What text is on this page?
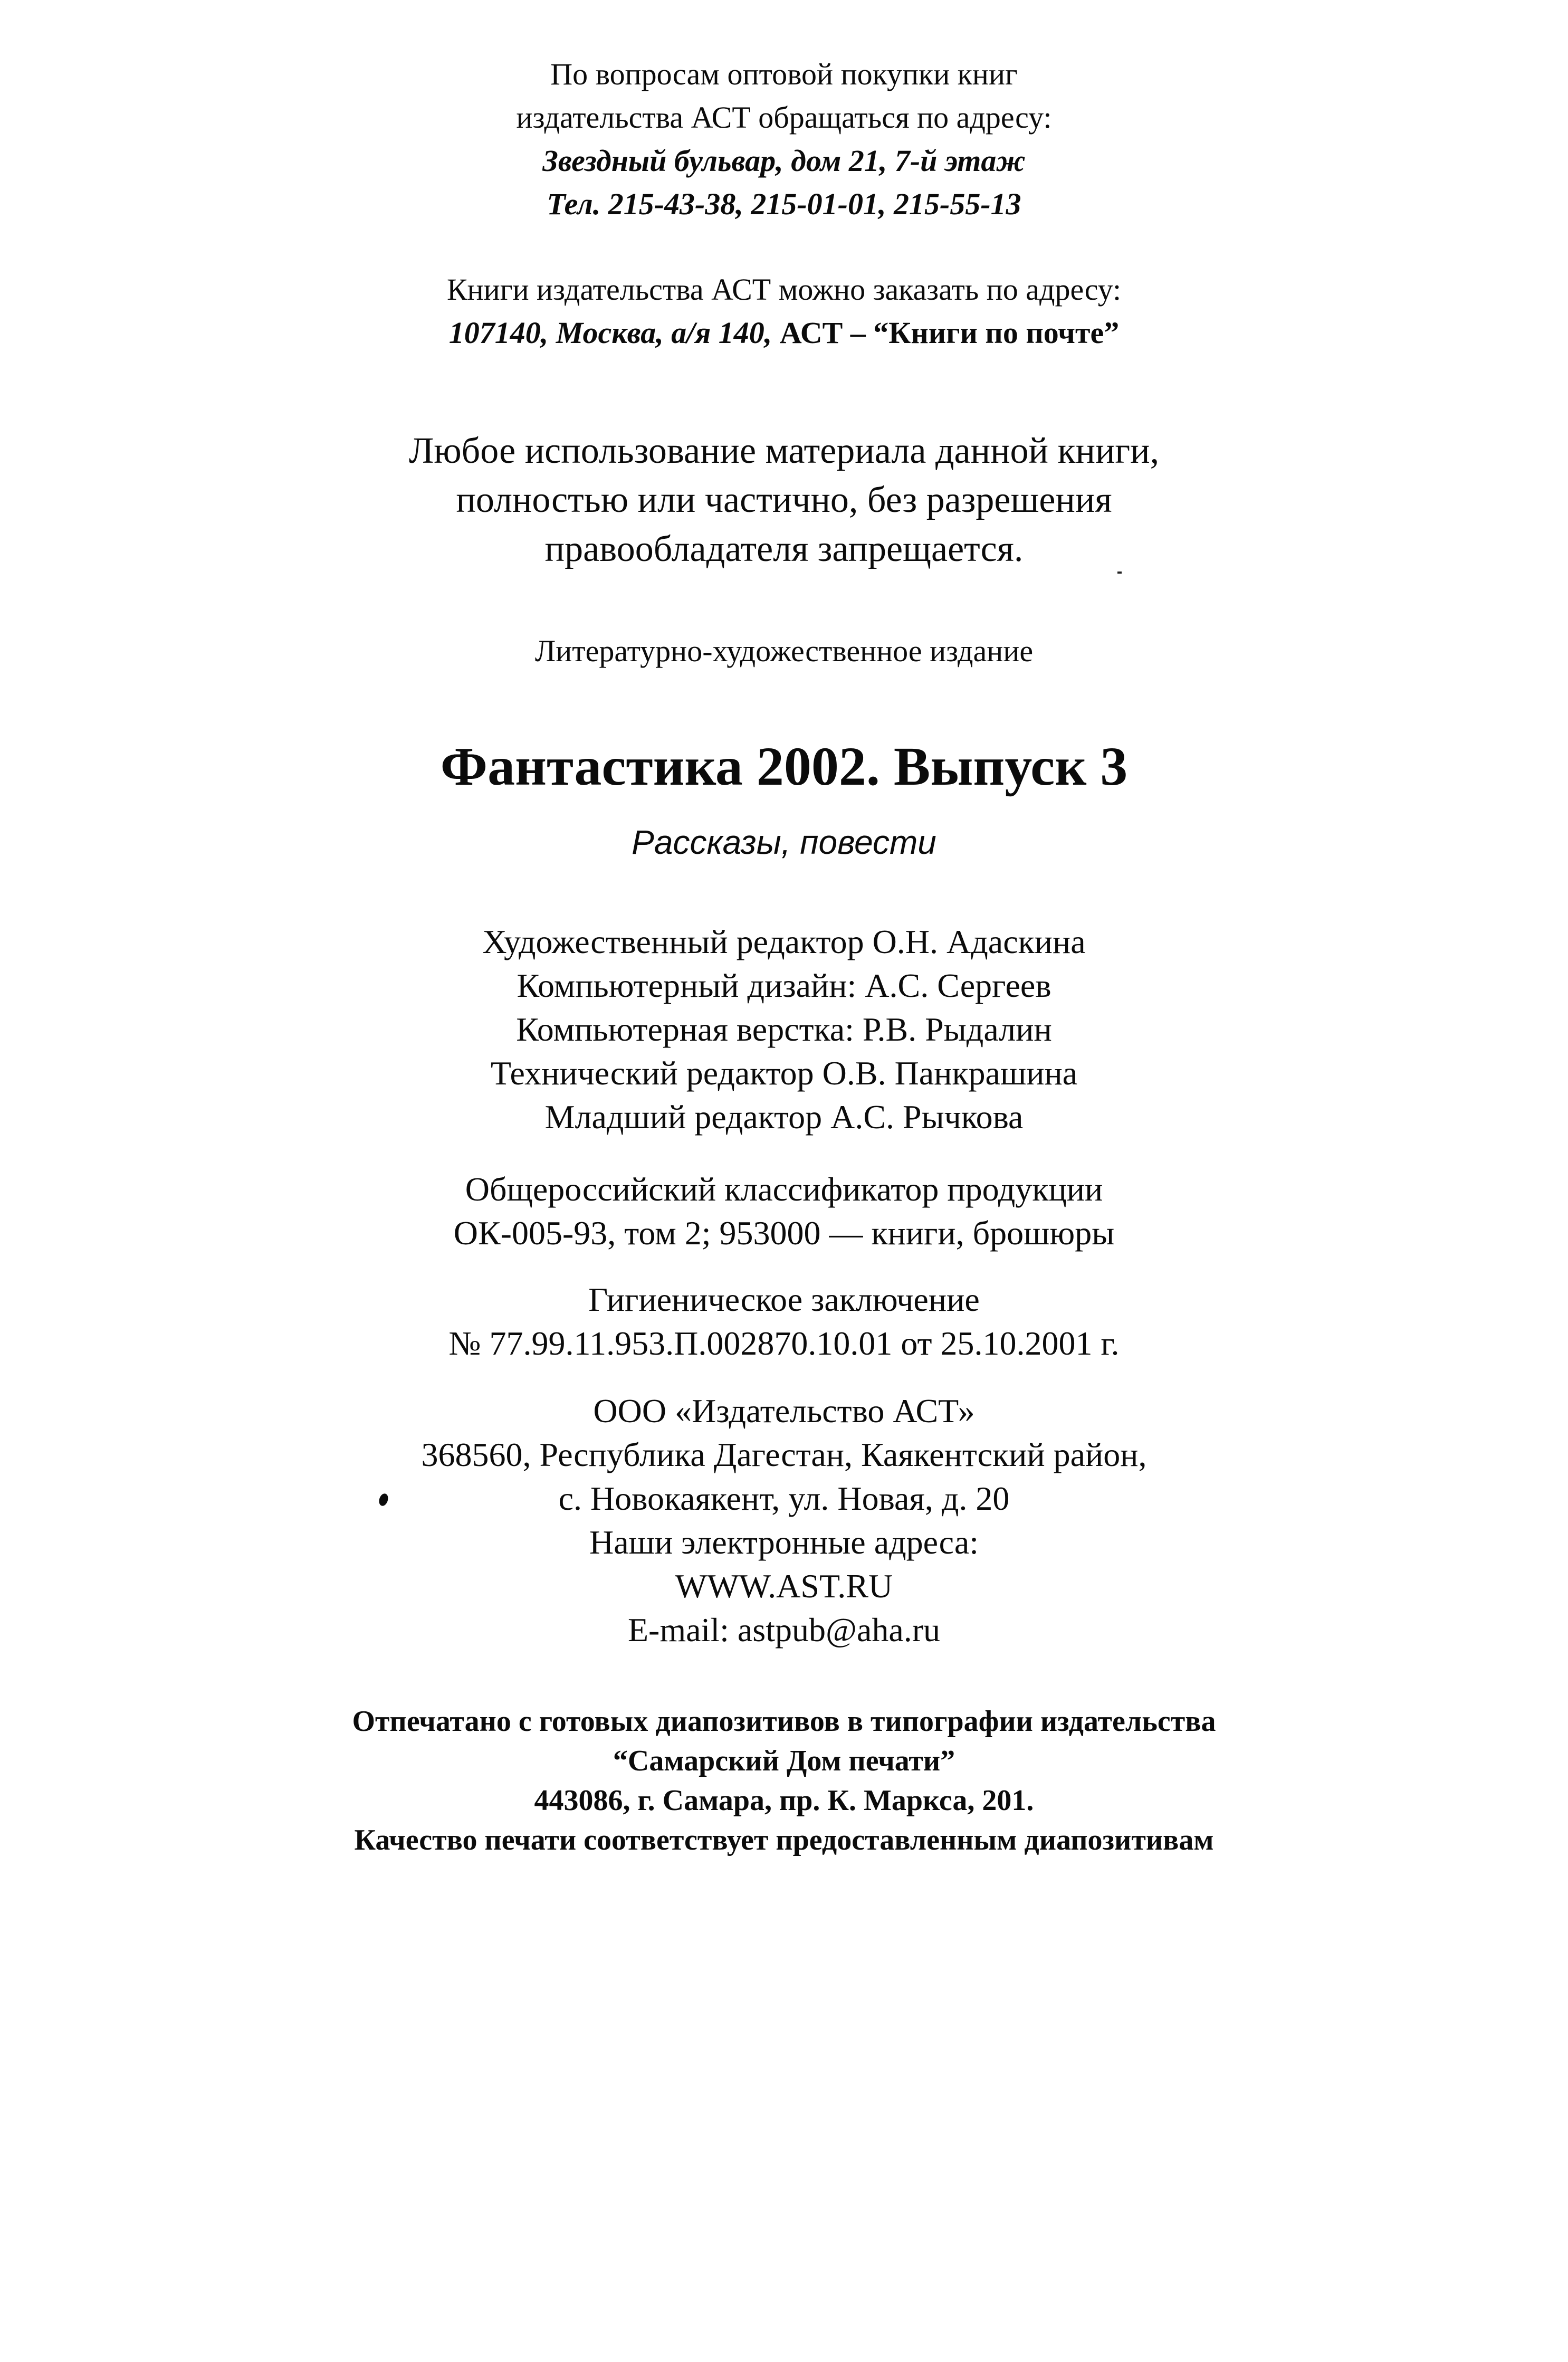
По вопросам оптовой покупки книг
издательства АСТ обращаться по адресу:
Звездный бульвар, дом 21, 7-й этаж
Тел. 215-43-38, 215-01-01, 215-55-13
Книги издательства АСТ можно заказать по адресу:
107140, Москва, а/я 140, АСТ – “Книги по почте”
Любое использование материала данной книги,
полностью или частично, без разрешения
правообладателя запрещается.
Литературно-художественное издание
Фантастика 2002. Выпуск 3
Рассказы, повести
Художественный редактор О.Н. Адаскина
Компьютерный дизайн: А.С. Сергеев
Компьютерная верстка: Р.В. Рыдалин
Технический редактор О.В. Панкрашина
Младший редактор А.С. Рычкова
Общероссийский классификатор продукции
ОК-005-93, том 2; 953000 — книги, брошюры
Гигиеническое заключение
№ 77.99.11.953.П.002870.10.01 от 25.10.2001 г.
ООО «Издательство АСТ»
368560, Республика Дагестан, Каякентский район,
с. Новокаякент, ул. Новая, д. 20
Наши электронные адреса:
WWW.AST.RU
E-mail: astpub@aha.ru
Отпечатано с готовых диапозитивов в типографии издательства
“Самарский Дом печати”
443086, г. Самара, пр. К. Маркса, 201.
Качество печати соответствует предоставленным диапозитивам
